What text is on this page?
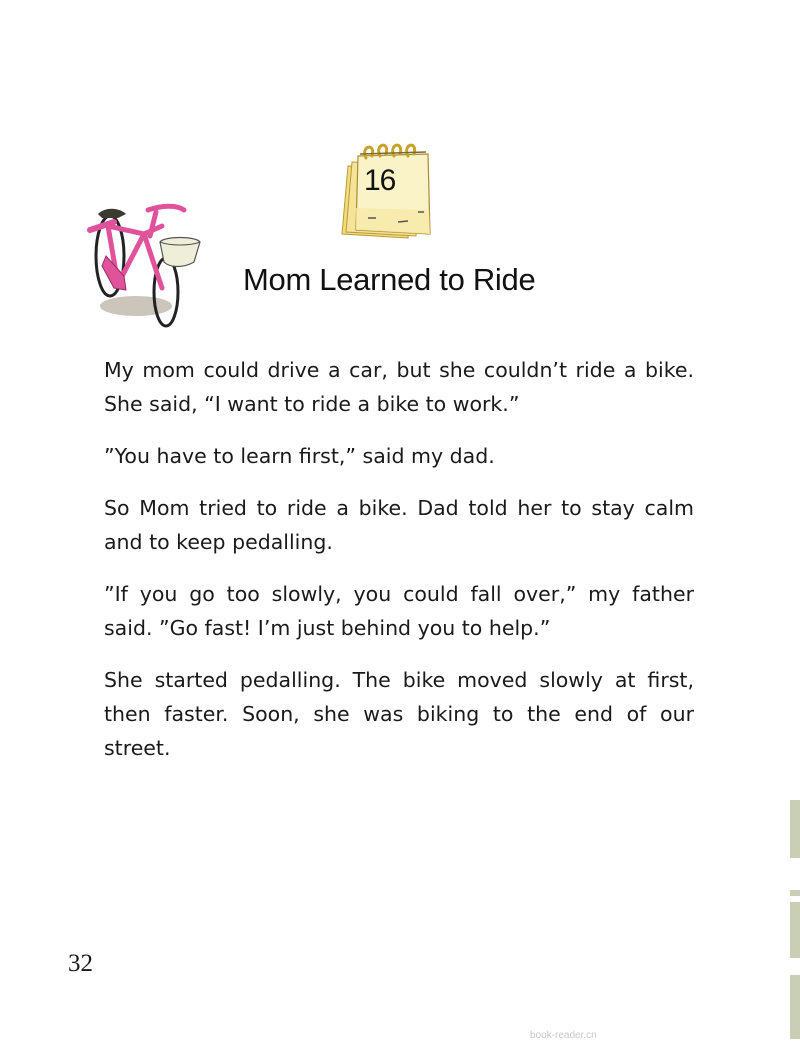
16
Mom Learned to Ride

My mom could drive a car, but she couldn’t ride a bike. She said, “I want to ride a bike to work.”

”You have to learn first,” said my dad.

So Mom tried to ride a bike. Dad told her to stay calm and to keep pedalling.

”If you go too slowly, you could fall over,” my father said. ”Go fast! I’m just behind you to help.”

She started pedalling. The bike moved slowly at first, then faster. Soon, she was biking to the end of our street.

32
book-reader.cn
